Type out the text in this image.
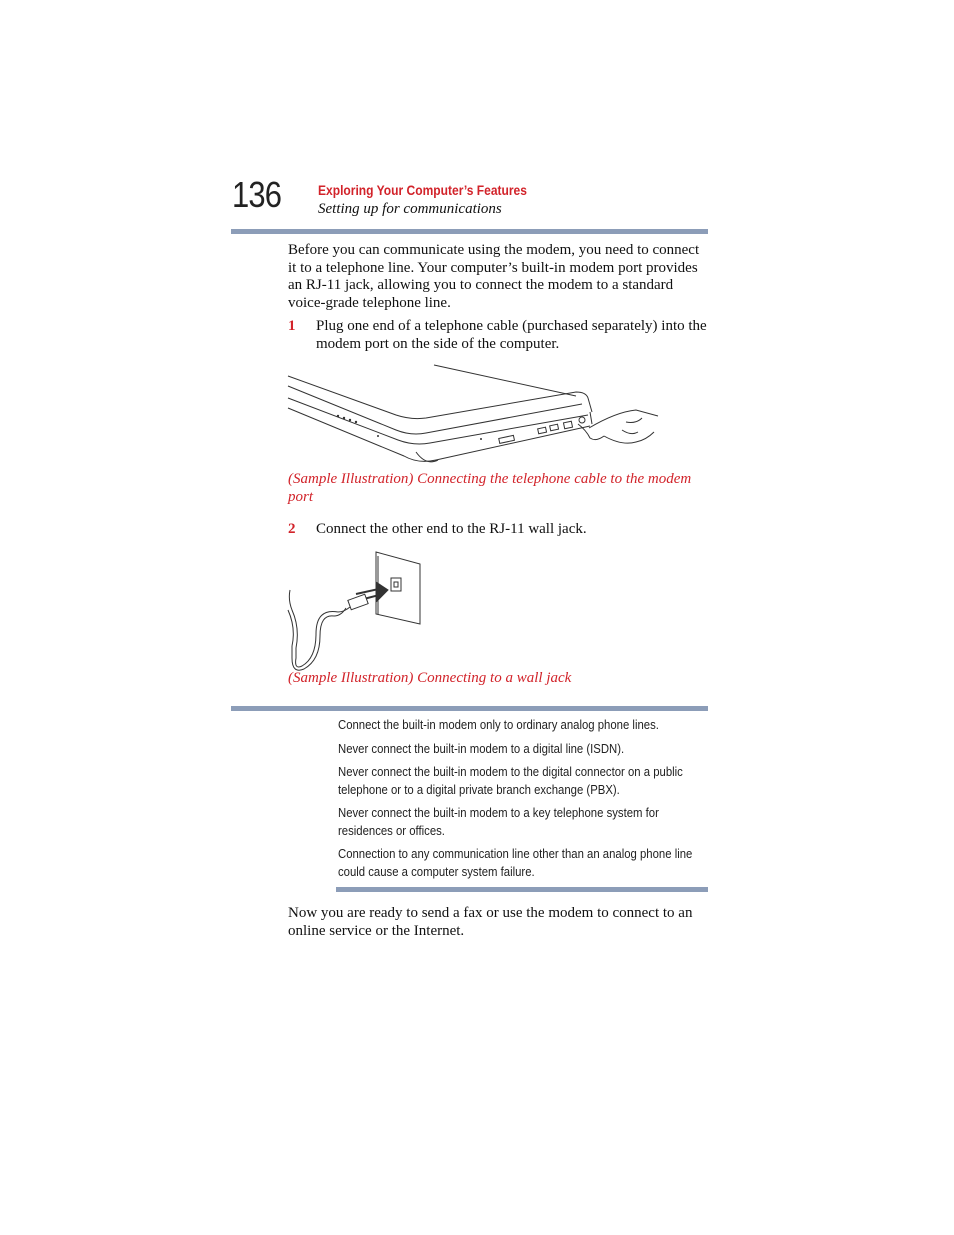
136	Exploring Your Computer’s Features
Setting up for communications
Before you can communicate using the modem, you need to connect it to a telephone line. Your computer’s built-in modem port provides an RJ-11 jack, allowing you to connect the modem to a standard voice-grade telephone line.
1 Plug one end of a telephone cable (purchased separately) into the modem port on the side of the computer.
(Sample Illustration) Connecting the telephone cable to the modem port
2 Connect the other end to the RJ-11 wall jack.
(Sample Illustration) Connecting to a wall jack
Connect the built-in modem only to ordinary analog phone lines.
Never connect the built-in modem to a digital line (ISDN).
Never connect the built-in modem to the digital connector on a public telephone or to a digital private branch exchange (PBX).
Never connect the built-in modem to a key telephone system for residences or offices.
Connection to any communication line other than an analog phone line could cause a computer system failure.
Now you are ready to send a fax or use the modem to connect to an online service or the Internet.
